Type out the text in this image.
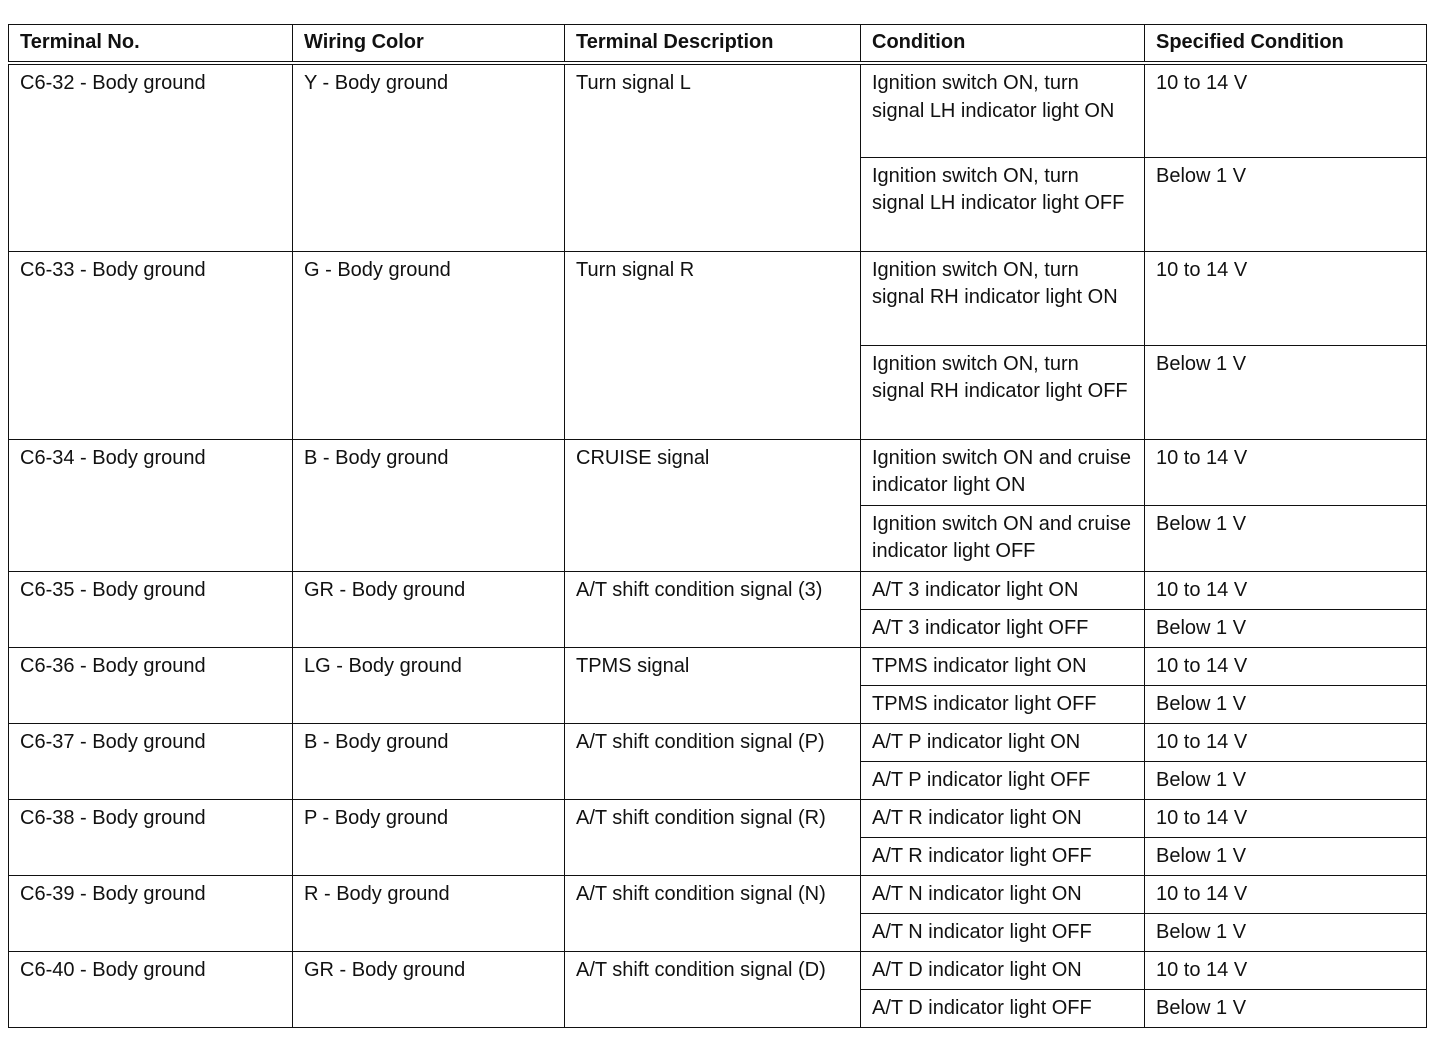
Terminal No.	Wiring Color	Terminal Description	Condition	Specified Condition
C6-32 - Body ground	Y - Body ground	Turn signal L	Ignition switch ON, turn signal LH indicator light ON	10 to 14 V
			Ignition switch ON, turn signal LH indicator light OFF	Below 1 V
C6-33 - Body ground	G - Body ground	Turn signal R	Ignition switch ON, turn signal RH indicator light ON	10 to 14 V
			Ignition switch ON, turn signal RH indicator light OFF	Below 1 V
C6-34 - Body ground	B - Body ground	CRUISE signal	Ignition switch ON and cruise indicator light ON	10 to 14 V
			Ignition switch ON and cruise indicator light OFF	Below 1 V
C6-35 - Body ground	GR - Body ground	A/T shift condition signal (3)	A/T 3 indicator light ON	10 to 14 V
			A/T 3 indicator light OFF	Below 1 V
C6-36 - Body ground	LG - Body ground	TPMS signal	TPMS indicator light ON	10 to 14 V
			TPMS indicator light OFF	Below 1 V
C6-37 - Body ground	B - Body ground	A/T shift condition signal (P)	A/T P indicator light ON	10 to 14 V
			A/T P indicator light OFF	Below 1 V
C6-38 - Body ground	P - Body ground	A/T shift condition signal (R)	A/T R indicator light ON	10 to 14 V
			A/T R indicator light OFF	Below 1 V
C6-39 - Body ground	R - Body ground	A/T shift condition signal (N)	A/T N indicator light ON	10 to 14 V
			A/T N indicator light OFF	Below 1 V
C6-40 - Body ground	GR - Body ground	A/T shift condition signal (D)	A/T D indicator light ON	10 to 14 V
			A/T D indicator light OFF	Below 1 V
